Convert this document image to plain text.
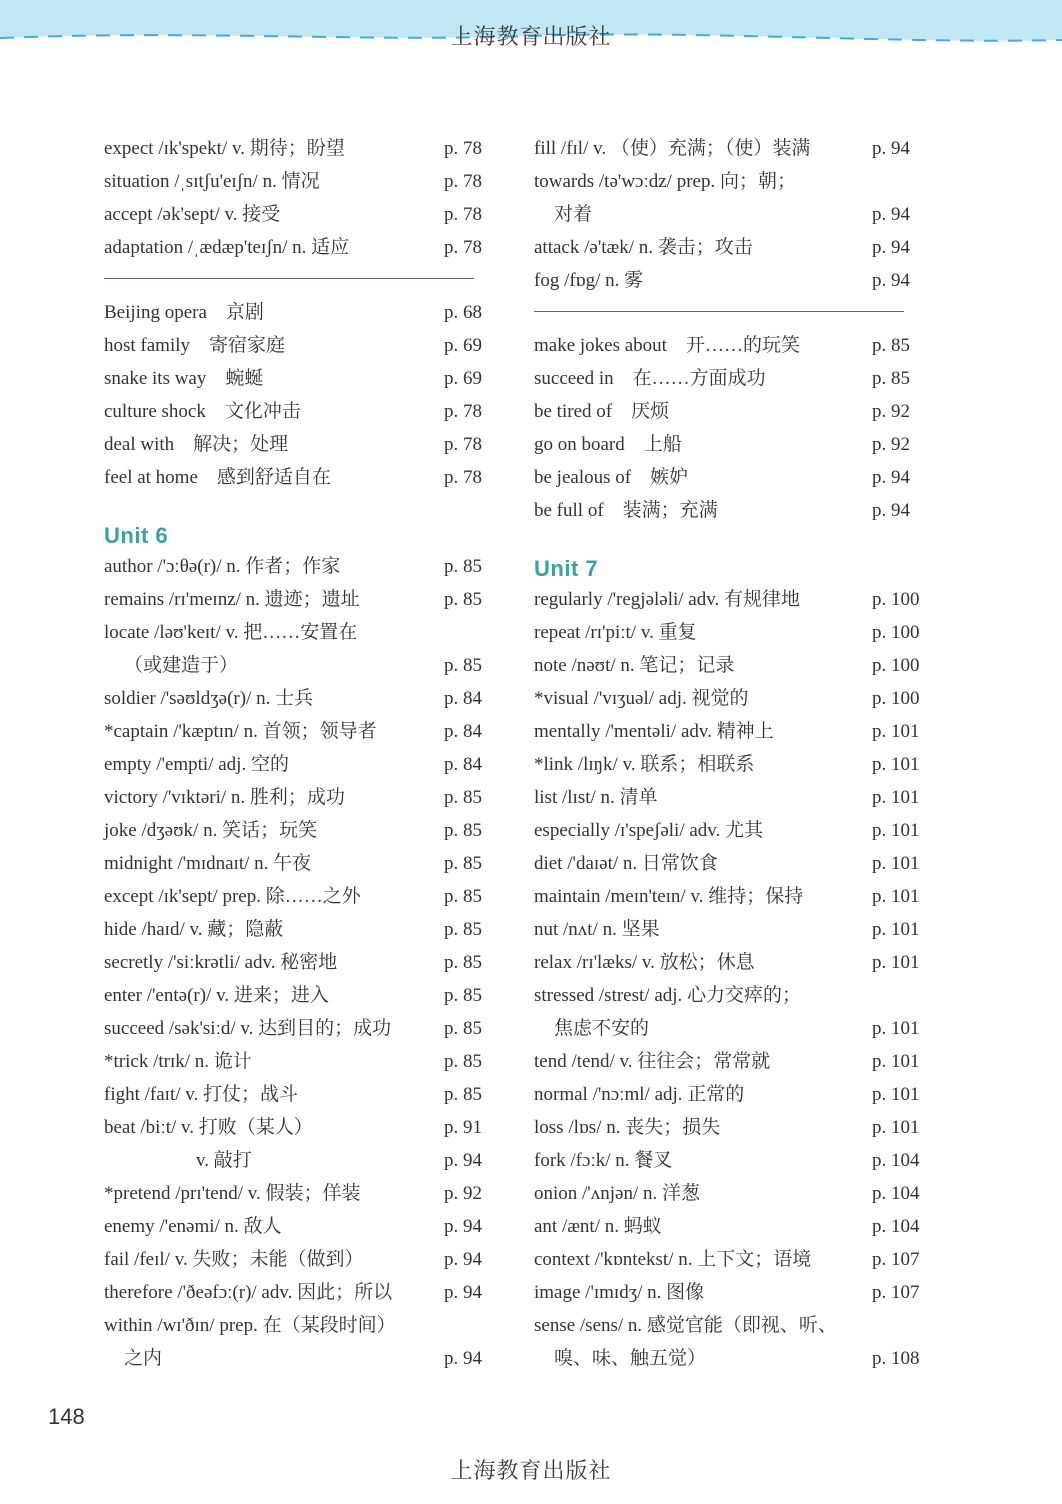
上海教育出版社
expect /ɪk'spekt/ v. 期待；盼望	p. 78
situation /ˌsɪtʃu'eɪʃn/ n. 情况	p. 78
accept /ək'sept/ v. 接受	p. 78
adaptation /ˌædæp'teɪʃn/ n. 适应	p. 78
Beijing opera　京剧	p. 68
host family　寄宿家庭	p. 69
snake its way　蜿蜒	p. 69
culture shock　文化冲击	p. 78
deal with　解决；处理	p. 78
feel at home　感到舒适自在	p. 78
Unit 6
author /'ɔːθə(r)/ n. 作者；作家	p. 85
remains /rɪ'meɪnz/ n. 遗迹；遗址	p. 85
locate /ləʊ'keɪt/ v. 把……安置在
（或建造于）	p. 85
soldier /'səʊldʒə(r)/ n. 士兵	p. 84
*captain /'kæptɪn/ n. 首领；领导者	p. 84
empty /'empti/ adj. 空的	p. 84
victory /'vɪktəri/ n. 胜利；成功	p. 85
joke /dʒəʊk/ n. 笑话；玩笑	p. 85
midnight /'mɪdnaɪt/ n. 午夜	p. 85
except /ɪk'sept/ prep. 除……之外	p. 85
hide /haɪd/ v. 藏；隐蔽	p. 85
secretly /'siːkrətli/ adv. 秘密地	p. 85
enter /'entə(r)/ v. 进来；进入	p. 85
succeed /sək'siːd/ v. 达到目的；成功	p. 85
*trick /trɪk/ n. 诡计	p. 85
fight /faɪt/ v. 打仗；战斗	p. 85
beat /biːt/ v. 打败（某人）	p. 91
v. 敲打	p. 94
*pretend /prɪ'tend/ v. 假装；佯装	p. 92
enemy /'enəmi/ n. 敌人	p. 94
fail /feɪl/ v. 失败；未能（做到）	p. 94
therefore /'ðeəfɔː(r)/ adv. 因此；所以	p. 94
within /wɪ'ðɪn/ prep. 在（某段时间）
之内	p. 94
fill /fɪl/ v. （使）充满；（使）装满	p. 94
towards /tə'wɔːdz/ prep. 向；朝；
对着	p. 94
attack /ə'tæk/ n. 袭击；攻击	p. 94
fog /fɒg/ n. 雾	p. 94
make jokes about　开……的玩笑	p. 85
succeed in　在……方面成功	p. 85
be tired of　厌烦	p. 92
go on board　上船	p. 92
be jealous of　嫉妒	p. 94
be full of　装满；充满	p. 94
Unit 7
regularly /'regjələli/ adv. 有规律地	p. 100
repeat /rɪ'piːt/ v. 重复	p. 100
note /nəʊt/ n. 笔记；记录	p. 100
*visual /'vɪʒuəl/ adj. 视觉的	p. 100
mentally /'mentəli/ adv. 精神上	p. 101
*link /lɪŋk/ v. 联系；相联系	p. 101
list /lɪst/ n. 清单	p. 101
especially /ɪ'speʃəli/ adv. 尤其	p. 101
diet /'daɪət/ n. 日常饮食	p. 101
maintain /meɪn'teɪn/ v. 维持；保持	p. 101
nut /nʌt/ n. 坚果	p. 101
relax /rɪ'læks/ v. 放松；休息	p. 101
stressed /strest/ adj. 心力交瘁的；
焦虑不安的	p. 101
tend /tend/ v. 往往会；常常就	p. 101
normal /'nɔːml/ adj. 正常的	p. 101
loss /lɒs/ n. 丧失；损失	p. 101
fork /fɔːk/ n. 餐叉	p. 104
onion /'ʌnjən/ n. 洋葱	p. 104
ant /ænt/ n. 蚂蚁	p. 104
context /'kɒntekst/ n. 上下文；语境	p. 107
image /'ɪmɪdʒ/ n. 图像	p. 107
sense /sens/ n. 感觉官能（即视、听、
嗅、味、触五觉）	p. 108
148
上海教育出版社
